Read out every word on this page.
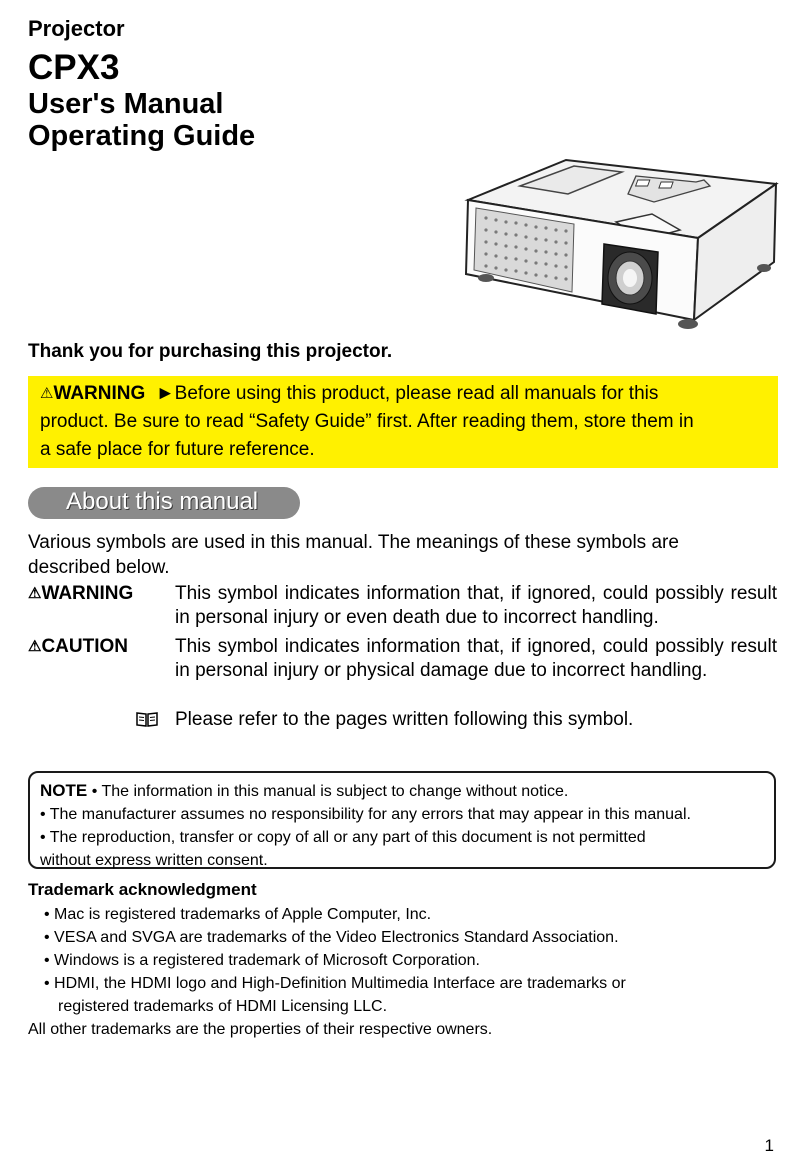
Projector
CPX3
User's Manual
Operating Guide
Thank you for purchasing this projector.
⚠WARNING  ►Before using this product, please read all manuals for this
product. Be sure to read “Safety Guide” first. After reading them, store them in
a safe place for future reference.
About this manual
Various symbols are used in this manual. The meanings of these symbols are
described below.
⚠WARNING This symbol indicates information that, if ignored, could possibly result in personal injury or even death due to incorrect handling.
⚠CAUTION This symbol indicates information that, if ignored, could possibly result in personal injury or physical damage due to incorrect handling.
Please refer to the pages written following this symbol.
NOTE • The information in this manual is subject to change without notice.
• The manufacturer assumes no responsibility for any errors that may appear in this manual.
• The reproduction, transfer or copy of all or any part of this document is not permitted
without express written consent.
Trademark acknowledgment
• Mac is registered trademarks of Apple Computer, Inc.
• VESA and SVGA are trademarks of the Video Electronics Standard Association.
• Windows is a registered trademark of Microsoft Corporation.
• HDMI, the HDMI logo and High-Definition Multimedia Interface are trademarks or
registered trademarks of HDMI Licensing LLC.
All other trademarks are the properties of their respective owners.
1
